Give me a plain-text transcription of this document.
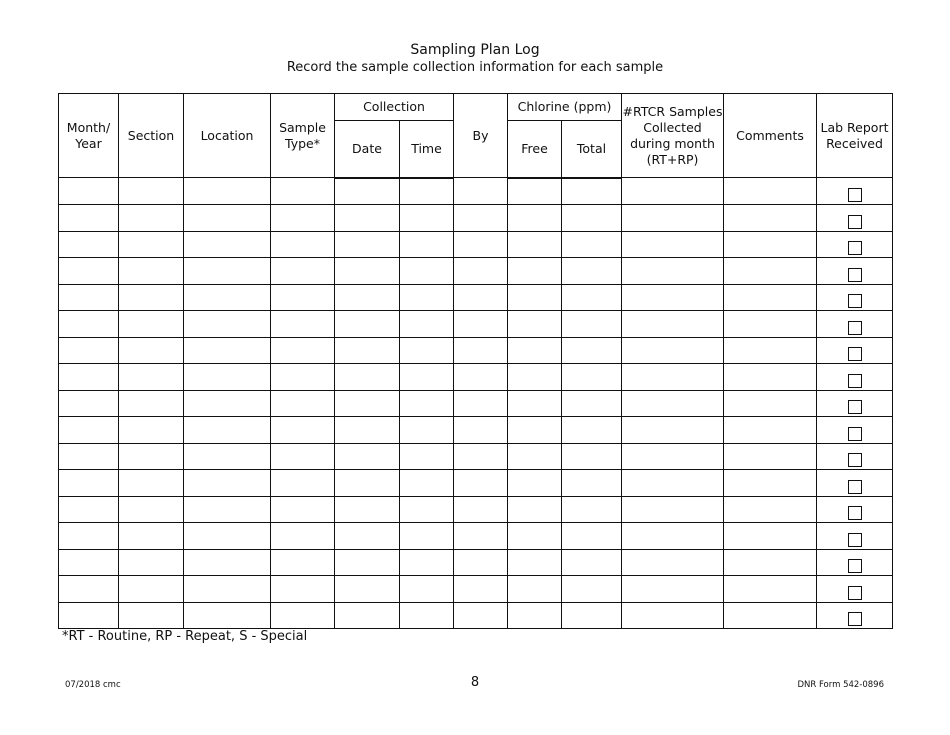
Sampling Plan Log
Record the sample collection information for each sample
Month/ Year	Section	Location	Sample Type*	Collection		By	Chlorine (ppm)		#RTCR Samples Collected during month (RT+RP)	Comments	Lab Report Received
				Date	Time		Free	Total			

*RT - Routine, RP - Repeat, S - Special
07/2018 cmc	8	DNR Form 542-0896
